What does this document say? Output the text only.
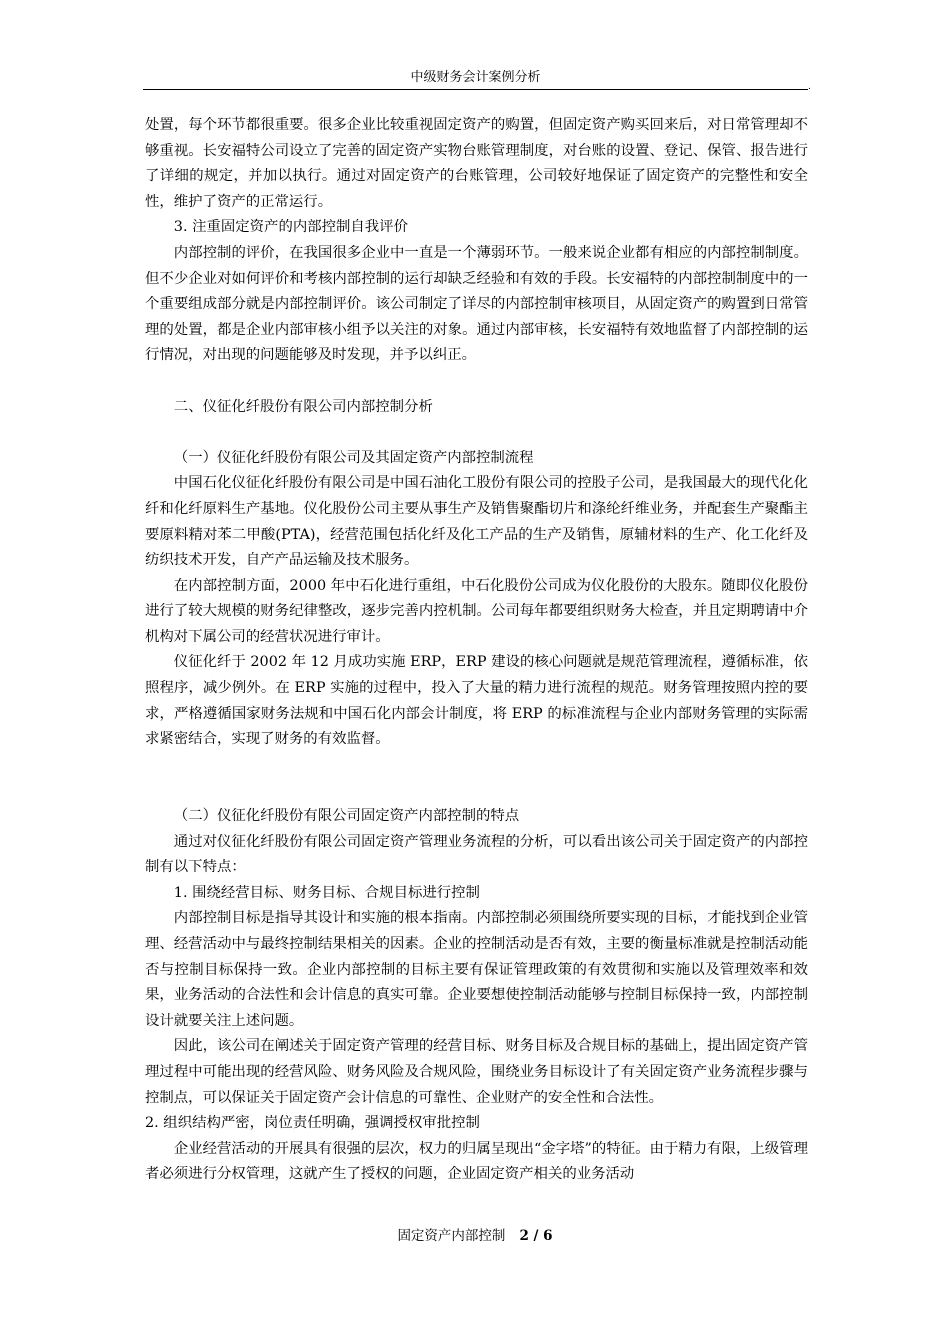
中级财务会计案例分析
.

处置，每个环节都很重要。很多企业比较重视固定资产的购置，但固定资产购买回来后，对日常管理却不够重视。长安福特公司设立了完善的固定资产实物台账管理制度，对台账的设置、登记、保管、报告进行了详细的规定，并加以执行。通过对固定资产的台账管理，公司较好地保证了固定资产的完整性和安全性，维护了资产的正常运行。

3. 注重固定资产的内部控制自我评价

内部控制的评价，在我国很多企业中一直是一个薄弱环节。一般来说企业都有相应的内部控制制度。但不少企业对如何评价和考核内部控制的运行却缺乏经验和有效的手段。长安福特的内部控制制度中的一个重要组成部分就是内部控制评价。该公司制定了详尽的内部控制审核项目，从固定资产的购置到日常管理的处置，都是企业内部审核小组予以关注的对象。通过内部审核，长安福特有效地监督了内部控制的运行情况，对出现的问题能够及时发现，并予以纠正。

二、仪征化纤股份有限公司内部控制分析

（一）仪征化纤股份有限公司及其固定资产内部控制流程

中国石化仪征化纤股份有限公司是中国石油化工股份有限公司的控股子公司，是我国最大的现代化化纤和化纤原料生产基地。仪化股份公司主要从事生产及销售聚酯切片和涤纶纤维业务，并配套生产聚酯主要原料精对苯二甲酸(PTA)，经营范围包括化纤及化工产品的生产及销售，原辅材料的生产、化工化纤及纺织技术开发，自产产品运输及技术服务。

在内部控制方面，2000 年中石化进行重组，中石化股份公司成为仪化股份的大股东。随即仪化股份进行了较大规模的财务纪律整改，逐步完善内控机制。公司每年都要组织财务大检查，并且定期聘请中介机构对下属公司的经营状况进行审计。

仪征化纤于 2002 年 12 月成功实施 ERP，ERP 建设的核心问题就是规范管理流程，遵循标准，依照程序，减少例外。在 ERP 实施的过程中，投入了大量的精力进行流程的规范。财务管理按照内控的要求，严格遵循国家财务法规和中国石化内部会计制度，将 ERP 的标准流程与企业内部财务管理的实际需求紧密结合，实现了财务的有效监督。

（二）仪征化纤股份有限公司固定资产内部控制的特点

通过对仪征化纤股份有限公司固定资产管理业务流程的分析，可以看出该公司关于固定资产的内部控制有以下特点：

1. 围绕经营目标、财务目标、合规目标进行控制

内部控制目标是指导其设计和实施的根本指南。内部控制必须围绕所要实现的目标，才能找到企业管理、经营活动中与最终控制结果相关的因素。企业的控制活动是否有效，主要的衡量标准就是控制活动能否与控制目标保持一致。企业内部控制的目标主要有保证管理政策的有效贯彻和实施以及管理效率和效果，业务活动的合法性和会计信息的真实可靠。企业要想使控制活动能够与控制目标保持一致，内部控制设计就要关注上述问题。

因此，该公司在阐述关于固定资产管理的经营目标、财务目标及合规目标的基础上，提出固定资产管理过程中可能出现的经营风险、财务风险及合规风险，围绕业务目标设计了有关固定资产业务流程步骤与控制点，可以保证关于固定资产会计信息的可靠性、企业财产的安全性和合法性。

2. 组织结构严密，岗位责任明确，强调授权审批控制

企业经营活动的开展具有很强的层次，权力的归属呈现出“金字塔”的特征。由于精力有限，上级管理者必须进行分权管理，这就产生了授权的问题，企业固定资产相关的业务活动

固定资产内部控制 2 / 6
